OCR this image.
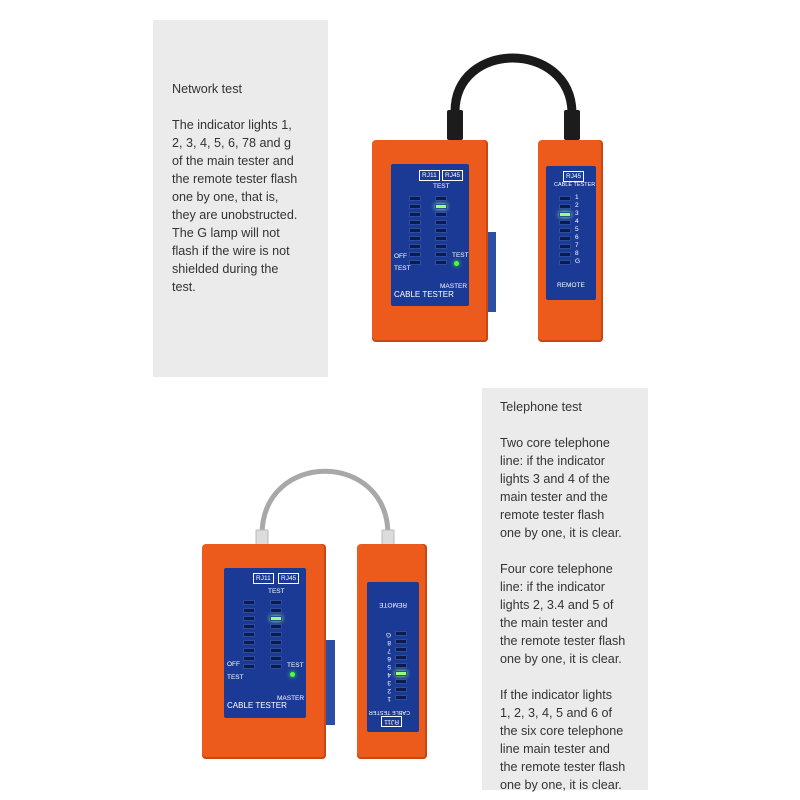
Network test

The indicator lights 1,
2, 3, 4, 5, 6, 78 and g
of the main tester and
the remote tester flash
one by one, that is,
they are unobstructed.
The G lamp will not
flash if the wire is not
shielded during the
test.

Telephone test

Two core telephone
line: if the indicator
lights 3 and 4 of the
main tester and the
remote tester flash
one by one, it is clear.

Four core telephone
line: if the indicator
lights 2, 3.4 and 5 of
the main tester and
the remote tester flash
one by one, it is clear.

If the indicator lights
1, 2, 3, 4, 5 and 6 of
the six core telephone
line main tester and
the remote tester flash
one by one, it is clear.

RJ11	RJ45
TEST
OFF
TEST
TEST
MASTER
CABLE TESTER
RJ45
CABLE TESTER
1
2
3
4
5
6
7
8
G
REMOTE
RJ11	RJ45
TEST
OFF
TEST
TEST
MASTER
CABLE TESTER
RJ11
CABLE TESTER
1
2
3
4
5
6
7
8
G
REMOTE
